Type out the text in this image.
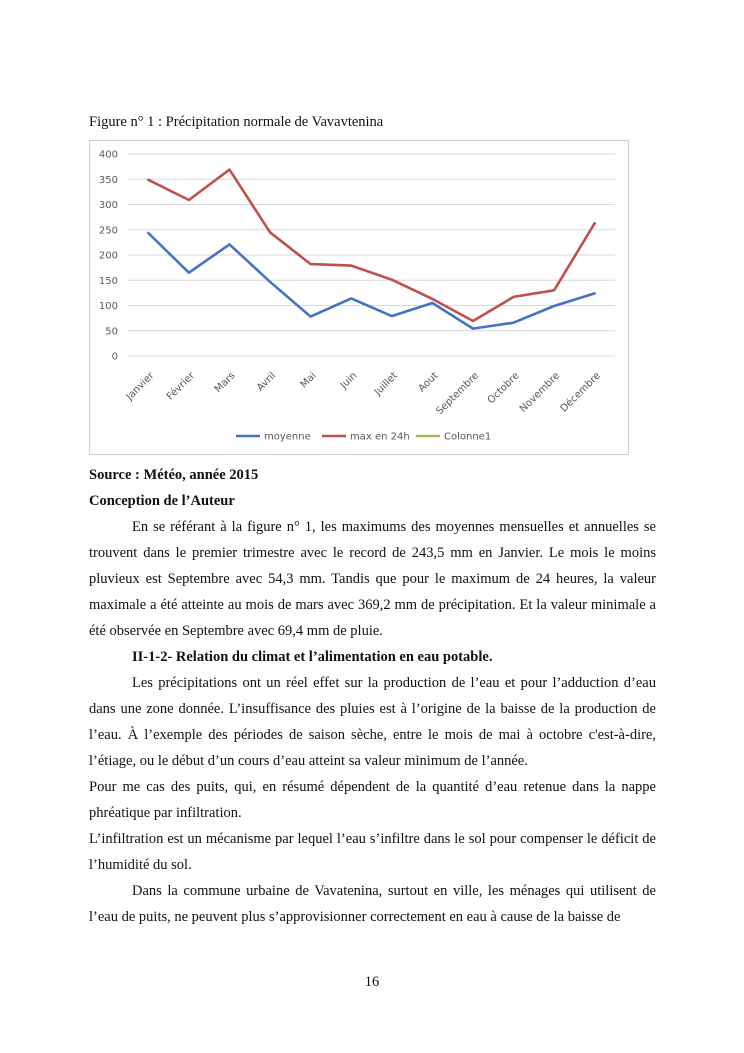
Figure n° 1 : Précipitation normale de Vavavtenina
0
50
100
150
200
250
300
350
400
Janvier Février Mars Avril Mai Juin Juillet Aout
Septembre Octobre
Novembre
Décembre
moyenne	max en 24h	Colonne1

Source : Météo, année 2015

Conception de l’Auteur

En se référant à la figure n° 1, les maximums des moyennes mensuelles et annuelles se trouvent dans le premier trimestre avec le record de 243,5 mm en Janvier. Le mois le moins pluvieux est Septembre avec 54,3 mm. Tandis que pour le maximum de 24 heures, la valeur maximale a été atteinte au mois de mars avec 369,2 mm de précipitation. Et la valeur minimale a été observée en Septembre avec 69,4 mm de pluie.

II-1-2- Relation du climat et l’alimentation en eau potable.

Les précipitations ont un réel effet sur la production de l’eau et pour l’adduction d’eau dans une zone donnée. L’insuffisance des pluies est à l’origine de la baisse de la production de l’eau. À l’exemple des périodes de saison sèche, entre le mois de mai à octobre c'est-à-dire, l’étiage, ou le début d’un cours d’eau atteint sa valeur minimum de l’année.

Pour me cas des puits, qui, en résumé dépendent de la quantité d’eau retenue dans la nappe phréatique par infiltration.

L’infiltration est un mécanisme par lequel l’eau s’infiltre dans le sol pour compenser le déficit de l’humidité du sol.

Dans la commune urbaine de Vavatenina, surtout en ville, les ménages qui utilisent de l’eau de puits, ne peuvent plus s’approvisionner correctement en eau à cause de la baisse de

16
